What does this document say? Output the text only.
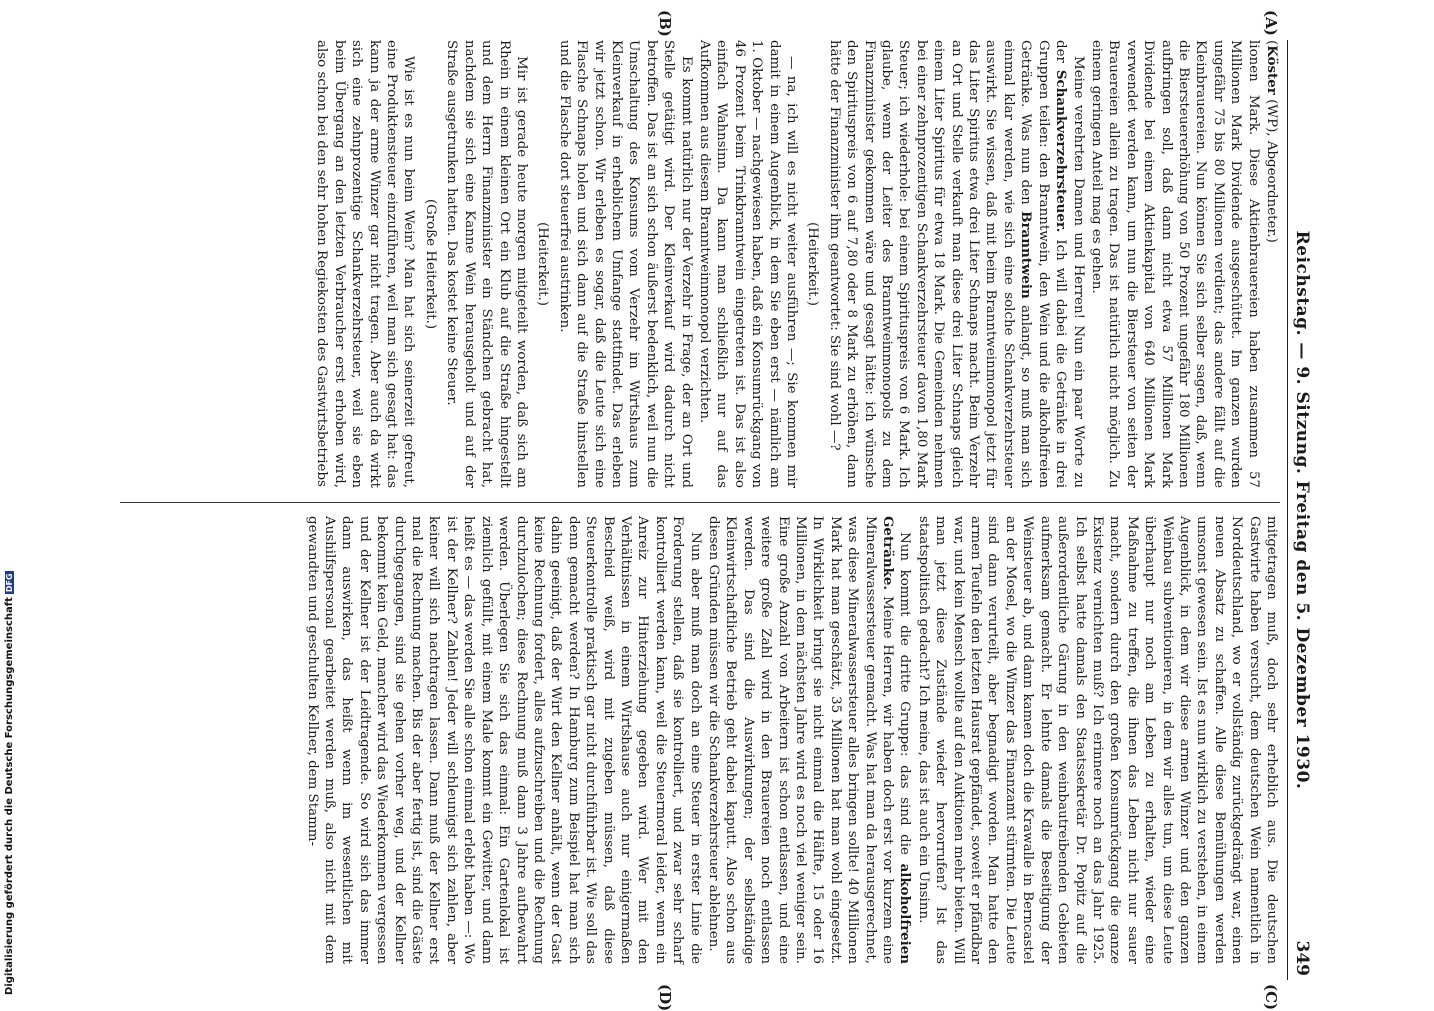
Reichstag. — 9. Sitzung. Freitag den 5. Dezember 1930.
349

(Köster (WP), Abgeordneter.)

lionen Mark. Diese Aktienbrauereien haben zusammen 57 Millionen Mark Dividende ausgeschüttet. Im ganzen wurden ungefähr 75 bis 80 Millionen verdient; das andere fällt auf die Kleinbrauereien. Nun können Sie sich selber sagen, daß, wenn die Biersteuererhöhung von 50 Prozent ungefähr 180 Millionen aufbringen soll, daß dann nicht etwa 57 Millionen Mark Dividende bei einem Aktienkapital von 640 Millionen Mark verwendet werden kann, um nun die Biersteuer von seiten der Brauereien allein zu tragen. Das ist natürlich nicht möglich. Zu einem geringen Anteil mag es gehen.

Meine verehrten Damen und Herren! Nun ein paar Worte zu der Schankverzehrsteuer. Ich will dabei die Getränke in drei Gruppen teilen: den Branntwein, den Wein und die alkoholfreien Getränke. Was nun den Branntwein anlangt, so muß man sich einmal klar werden, wie sich eine solche Schankverzehrsteuer auswirkt. Sie wissen, daß mit beim Branntweinmonopol jetzt für das Liter Spiritus etwa drei Liter Schnaps macht. Beim Verzehr an Ort und Stelle verkauft man diese drei Liter Schnaps gleich einem Liter Spiritus für etwa 18 Mark. Die Gemeinden nehmen bei einer zehnprozentigen Schankverzehrsteuer davon 1,80 Mark Steuer; ich wiederhole: bei einem Spirituspreis von 6 Mark. Ich glaube, wenn der Leiter des Branntweinmonopols zu dem Finanzminister gekommen wäre und gesagt hätte: ich wünsche den Spirituspreis von 6 auf 7,80 oder 8 Mark zu erhöhen, dann hätte der Finanzminister ihm geantwortet: Sie sind wohl —?

(Heiterkeit.)

— na, ich will es nicht weiter ausführen —; Sie kommen mir damit in einem Augenblick, in dem Sie eben erst — nämlich am 1. Oktober — nachgewiesen haben, daß ein Konsumrückgang von 46 Prozent beim Trinkbranntwein eingetreten ist. Das ist also einfach Wahnsinn. Da kann man schließlich nur auf das Aufkommen aus diesem Branntweinmonopol verzichten.

Es kommt natürlich nur der Verzehr in Frage, der an Ort und Stelle getätigt wird. Der Kleinverkauf wird dadurch nicht betroffen. Das ist an sich schon äußerst bedenklich, weil nun die Umschaltung des Konsums vom Verzehr im Wirtshaus zum Kleinverkauf in erheblichem Umfange stattfindet. Das erleben wir jetzt schon. Wir erleben es sogar, daß die Leute sich eine Flasche Schnaps holen und sich dann auf die Straße hinstellen und die Flasche dort steuerfrei austrinken.

(Heiterkeit.)

Mir ist gerade heute morgen mitgeteilt worden, daß sich am Rhein in einem kleinen Ort ein Klub auf die Straße hingestellt und dem Herrn Finanzminister ein Ständchen gebracht hat, nachdem sie sich eine Kanne Wein herausgeholt und auf der Straße ausgetrunken hatten. Das kostet keine Steuer.

(Große Heiterkeit.)

Wie ist es nun beim Wein? Man hat sich seinerzeit gefreut, eine Produktensteuer einzuführen, weil man sich gesagt hat: das kann ja der arme Winzer gar nicht tragen. Aber auch da wirkt sich eine zehnprozentige Schankverzehrsteuer, weil sie eben beim Übergang an den letzten Verbraucher erst erhoben wird, also schon bei den sehr hohen Regiekosten des Gastwirtsbetriebs

mitgetragen muß, doch sehr erheblich aus. Die deutschen Gastwirte haben versucht, dem deutschen Wein namentlich in Norddeutschland, wo er vollständig zurückgedrängt war, einen neuen Absatz zu schaffen. Alle diese Bemühungen werden umsonst gewesen sein. Ist es nun wirklich zu verstehen, in einem Augenblick, in dem wir diese armen Winzer und den ganzen Weinbau subventionieren, in dem wir alles tun, um diese Leute überhaupt nur noch am Leben zu erhalten, wieder eine Maßnahme zu treffen, die ihnen das Leben nicht nur sauer macht, sondern durch den großen Konsumrückgang die ganze Existenz vernichten muß? Ich erinnere noch an das Jahr 1925. Ich selbst hatte damals den Staatssekretär Dr. Popitz auf die außerordentliche Gärung in den weinbautreibenden Gebieten aufmerksam gemacht. Er lehnte damals die Beseitigung der Weinsteuer ab, und dann kamen doch die Krawalle in Berncastel an der Mosel, wo die Winzer das Finanzamt stürmten. Die Leute sind dann verurteilt, aber begnadigt worden. Man hatte den armen Teufeln den letzten Hausrat gepfändet, soweit er pfändbar war, und kein Mensch wollte auf den Auktionen mehr bieten. Will man jetzt diese Zustände wieder hervorrufen? Ist das staatspolitisch gedacht? Ich meine, das ist auch ein Unsinn.

Nun kommt die dritte Gruppe: das sind die alkoholfreien Getränke. Meine Herren, wir haben doch erst vor kurzem eine Mineralwassersteuer gemacht. Was hat man da herausgerechnet, was diese Mineralwassersteuer alles bringen sollte! 40 Millionen Mark hat man geschätzt, 35 Millionen hat man wohl eingesetzt. In Wirklichkeit bringt sie nicht einmal die Hälfte, 15 oder 16 Millionen, in dem nächsten Jahre wird es noch viel weniger sein. Eine große Anzahl von Arbeitern ist schon entlassen, und eine weitere große Zahl wird in den Brauereien noch entlassen werden. Das sind die Auswirkungen; der selbständige Kleinwirtschaftliche Betrieb geht dabei kaputt. Also schon aus diesen Gründen müssen wir die Schankverzehrsteuer ablehnen.

Nun aber muß man doch an eine Steuer in erster Linie die Forderung stellen, daß sie kontrolliert, und zwar sehr scharf kontrolliert werden kann, weil die Steuermoral leider, wenn ein Anreiz zur Hinterziehung gegeben wird. Wer mit den Verhältnissen in einem Wirtshause auch nur einigermaßen Bescheid weiß, wird mit zugeben müssen, daß diese Steuerkontrolle praktisch gar nicht durchführbar ist. Wie soll das denn gemacht werden? In Hamburg zum Beispiel hat man sich dahin geeinigt, daß der Wirt den Kellner anhält, wenn der Gast keine Rechnung fordert, alles aufzuschreiben und die Rechnung durchzulochen; diese Rechnung muß dann 3 Jahre aufbewahrt werden. Überlegen Sie sich das einmal: Ein Gartenlokal ist ziemlich gefüllt, mit einem Male kommt ein Gewitter, und dann heißt es — das werden Sie alle schon einmal erlebt haben —: Wo ist der Kellner? Zahlen! Jeder will schleunigst sich zahlen, aber keiner will sich nachtragen lassen. Dann muß der Kellner erst mal die Rechnung machen. Bis der aber fertig ist, sind die Gäste durchgegangen, sind sie gehen vorher weg, und der Kellner bekommt kein Geld, mancher wird das Wiederkommen vergessen und der Kellner ist der Leidtragende. So wird sich das immer dann auswirken, das heißt wenn im wesentlichen mit Aushilfspersonal gearbeitet werden muß, also nicht mit dem gewandten und geschulten Kellner, dem Stamm-

(A)
(B)
(C)
(D)
Digitalisierung gefördert durch die Deutsche ForschungsgemeinschaftDFG
